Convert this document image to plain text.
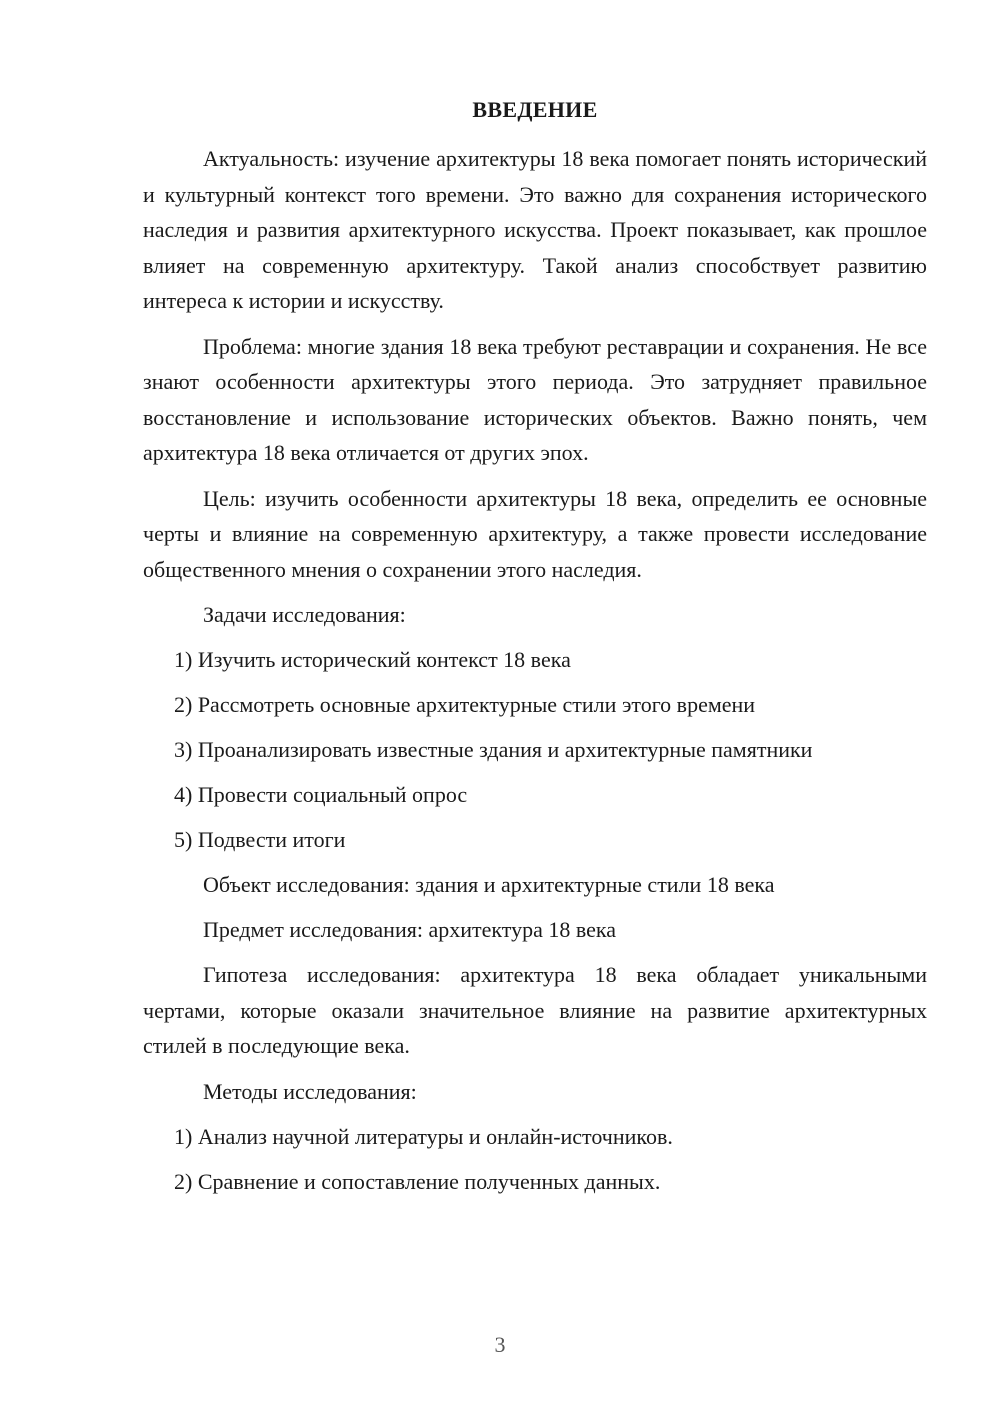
ВВЕДЕНИЕ

Актуальность: изучение архитектуры 18 века помогает понять исторический и культурный контекст того времени. Это важно для сохранения исторического наследия и развития архитектурного искусства. Проект показывает, как прошлое влияет на современную архитектуру. Такой анализ способствует развитию интереса к истории и искусству.

Проблема: многие здания 18 века требуют реставрации и сохранения. Не все знают особенности архитектуры этого периода. Это затрудняет правильное восстановление и использование исторических объектов. Важно понять, чем архитектура 18 века отличается от других эпох.

Цель: изучить особенности архитектуры 18 века, определить ее основные черты и влияние на современную архитектуру, а также провести исследование общественного мнения о сохранении этого наследия.

Задачи исследования:
1) Изучить исторический контекст 18 века
2) Рассмотреть основные архитектурные стили этого времени
3) Проанализировать известные здания и архитектурные памятники
4) Провести социальный опрос
5) Подвести итоги
Объект исследования: здания и архитектурные стили 18 века
Предмет исследования: архитектура 18 века

Гипотеза исследования: архитектура 18 века обладает уникальными чертами, которые оказали значительное влияние на развитие архитектурных стилей в последующие века.

Методы исследования:
1) Анализ научной литературы и онлайн-источников.
2) Сравнение и сопоставление полученных данных.
3
